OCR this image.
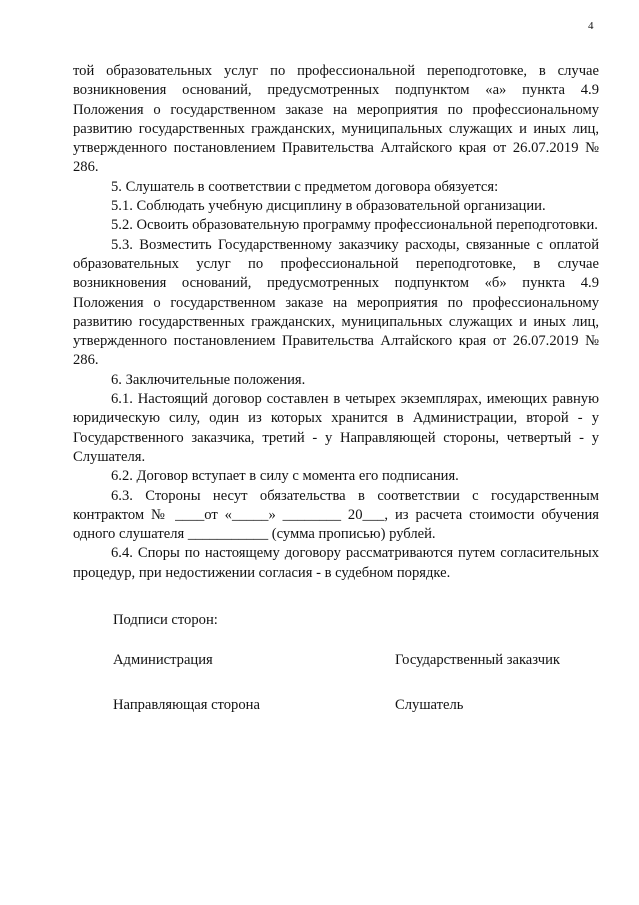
4

той образовательных услуг по профессиональной переподготовке, в случае возникновения оснований, предусмотренных подпунктом «а» пункта 4.9 Положения о государственном заказе на мероприятия по профессиональному развитию государственных гражданских, муниципальных служащих и иных лиц, утвержденного постановлением Правительства Алтайского края от 26.07.2019 № 286.

5. Слушатель в соответствии с предметом договора обязуется:

5.1. Соблюдать учебную дисциплину в образовательной организации.

5.2. Освоить образовательную программу профессиональной переподготовки.

5.3. Возместить Государственному заказчику расходы, связанные с оплатой образовательных услуг по профессиональной переподготовке, в случае возникновения оснований, предусмотренных подпунктом «б» пункта 4.9 Положения о государственном заказе на мероприятия по профессиональному развитию государственных гражданских, муниципальных служащих и иных лиц, утвержденного постановлением Правительства Алтайского края от 26.07.2019 № 286.

6. Заключительные положения.

6.1. Настоящий договор составлен в четырех экземплярах, имеющих равную юридическую силу, один из которых хранится в Администрации, второй - у Государственного заказчика, третий - у Направляющей стороны, четвертый - у Слушателя.

6.2. Договор вступает в силу с момента его подписания.

6.3. Стороны несут обязательства в соответствии с государственным контрактом № ____от «_____» ________ 20___, из расчета стоимости обучения одного слушателя ___________ (сумма прописью) рублей.

6.4. Споры по настоящему договору рассматриваются путем согласительных процедур, при недостижении согласия - в судебном порядке.

Подписи сторон:
Администрация	Государственный заказчик
Направляющая сторона	Слушатель
